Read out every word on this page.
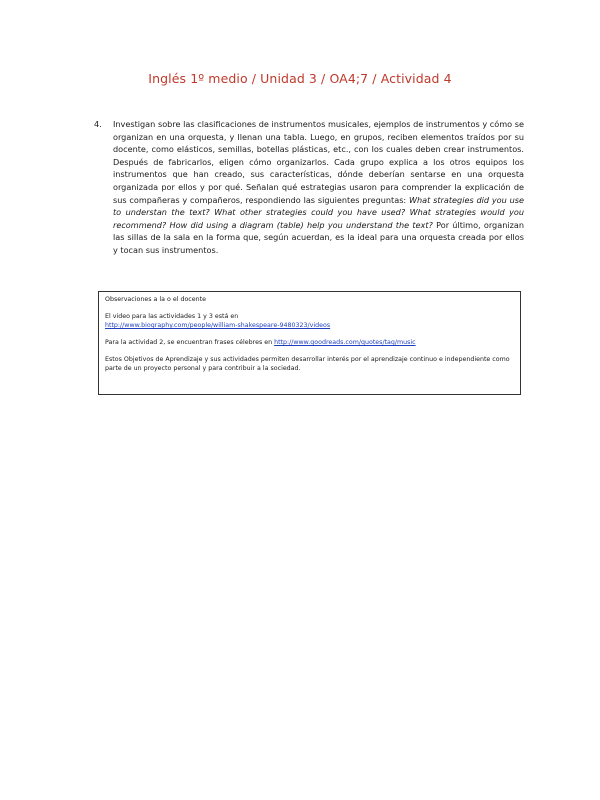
Inglés 1º medio / Unidad 3 / OA4;7 / Actividad 4
4. Investigan sobre las clasificaciones de instrumentos musicales, ejemplos de instrumentos y cómo se organizan en una orquesta, y llenan una tabla. Luego, en grupos, reciben elementos traídos por su docente, como elásticos, semillas, botellas plásticas, etc., con los cuales deben crear instrumentos. Después de fabricarlos, eligen cómo organizarlos. Cada grupo explica a los otros equipos los instrumentos que han creado, sus características, dónde deberían sentarse en una orquesta organizada por ellos y por qué. Señalan qué estrategias usaron para comprender la explicación de sus compañeras y compañeros, respondiendo las siguientes preguntas: What strategies did you use to understan the text? What other strategies could you have used? What strategies would you recommend? How did using a diagram (table) help you understand the text? Por último, organizan las sillas de la sala en la forma que, según acuerdan, es la ideal para una orquesta creada por ellos y tocan sus instrumentos.

Observaciones a la o el docente

El video para las actividades 1 y 3 está en

http://www.biography.com/people/william-shakespeare-9480323/videos

Para la actividad 2, se encuentran frases célebres en http://www.goodreads.com/quotes/tag/music

Estos Objetivos de Aprendizaje y sus actividades permiten desarrollar interés por el aprendizaje continuo e independiente como parte de un proyecto personal y para contribuir a la sociedad.
